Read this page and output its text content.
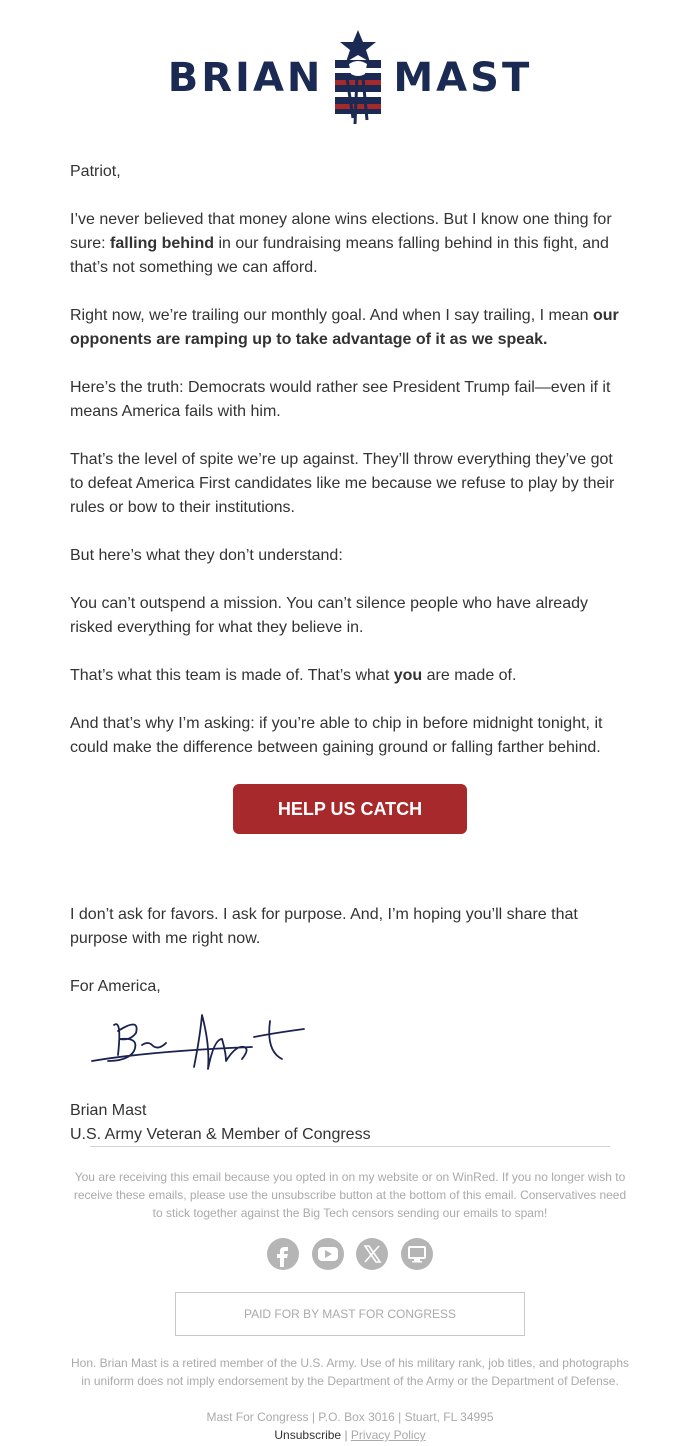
BRIAN MAST

Patriot,

I’ve never believed that money alone wins elections. But I know one thing for sure: falling behind in our fundraising means falling behind in this fight, and that’s not something we can afford.

Right now, we’re trailing our monthly goal. And when I say trailing, I mean our opponents are ramping up to take advantage of it as we speak.

Here’s the truth: Democrats would rather see President Trump fail—even if it means America fails with him.

That’s the level of spite we’re up against. They’ll throw everything they’ve got to defeat America First candidates like me because we refuse to play by their rules or bow to their institutions.

But here’s what they don’t understand:

You can’t outspend a mission. You can’t silence people who have already risked everything for what they believe in.

That’s what this team is made of. That’s what you are made of.

And that’s why I’m asking: if you’re able to chip in before midnight tonight, it could make the difference between gaining ground or falling farther behind.

HELP US CATCH UP

I don’t ask for favors. I ask for purpose. And, I’m hoping you’ll share that purpose with me right now.

For America,

Brian Mast
U.S. Army Veteran & Member of Congress
You are receiving this email because you opted in on my website or on WinRed. If you no longer wish to receive these emails, please use the unsubscribe button at the bottom of this email. Conservatives need to stick together against the Big Tech censors sending our emails to spam!

PAID FOR BY MAST FOR CONGRESS
Hon. Brian Mast is a retired member of the U.S. Army. Use of his military rank, job titles, and photographs in uniform does not imply endorsement by the Department of the Army or the Department of Defense.
Mast For Congress | P.O. Box 3016 | Stuart, FL 34995
Unsubscribe | Privacy Policy
